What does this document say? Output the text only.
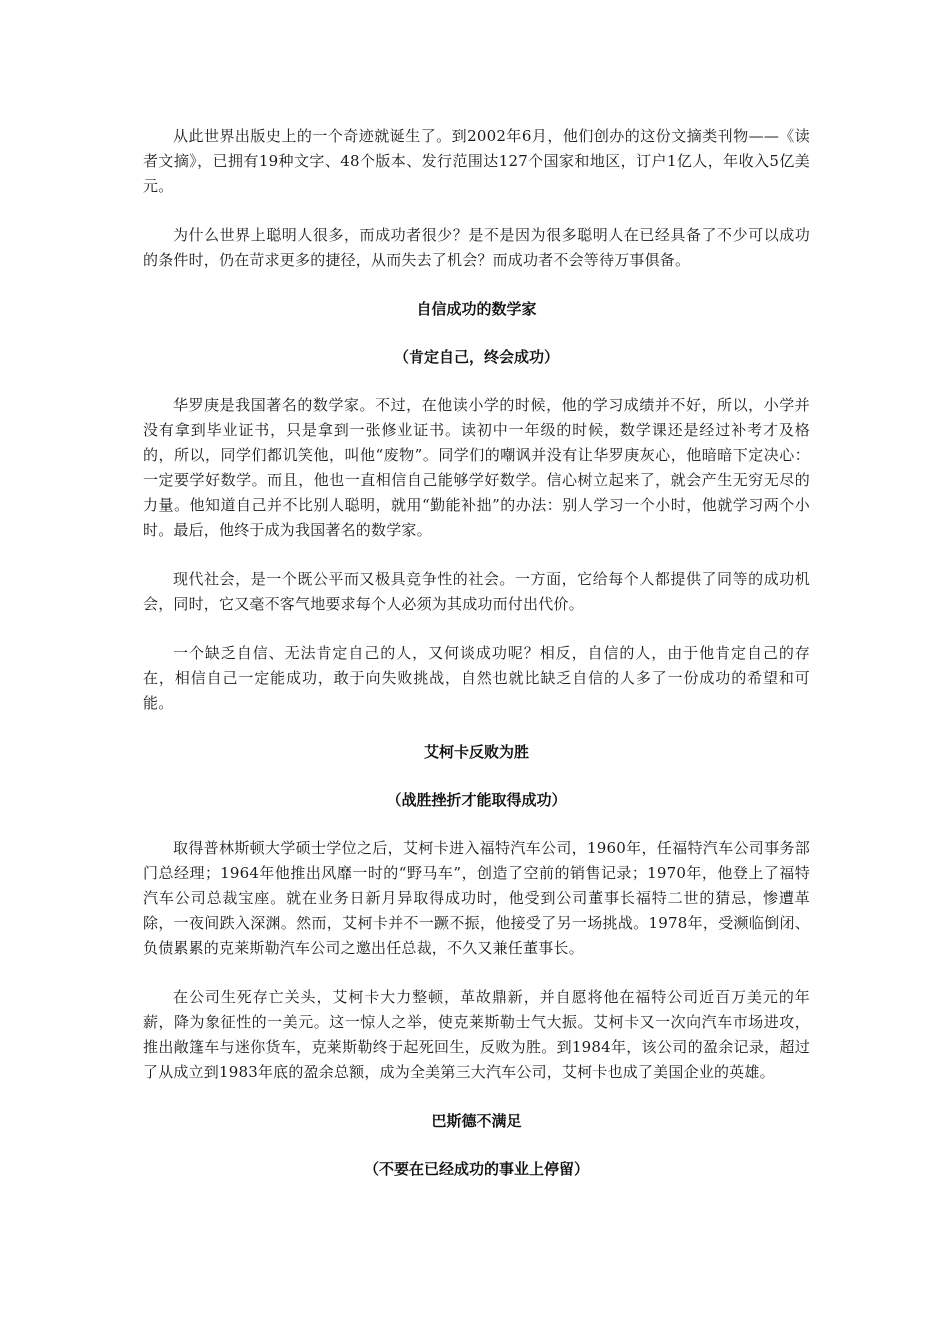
从此世界出版史上的一个奇迹就诞生了。到2002年6月，他们创办的这份文摘类刊物——《读者文摘》，已拥有19种文字、48个版本、发行范围达127个国家和地区，订户1亿人，年收入5亿美元。

为什么世界上聪明人很多，而成功者很少？是不是因为很多聪明人在已经具备了不少可以成功的条件时，仍在苛求更多的捷径，从而失去了机会？而成功者不会等待万事俱备。

自信成功的数学家
（肯定自己，终会成功）

华罗庚是我国著名的数学家。不过，在他读小学的时候，他的学习成绩并不好，所以，小学并没有拿到毕业证书，只是拿到一张修业证书。读初中一年级的时候，数学课还是经过补考才及格的，所以，同学们都讥笑他，叫他“废物”。同学们的嘲讽并没有让华罗庚灰心，他暗暗下定决心：一定要学好数学。而且，他也一直相信自己能够学好数学。信心树立起来了，就会产生无穷无尽的力量。他知道自己并不比别人聪明，就用“勤能补拙”的办法：别人学习一个小时，他就学习两个小时。最后，他终于成为我国著名的数学家。

现代社会，是一个既公平而又极具竞争性的社会。一方面，它给每个人都提供了同等的成功机会，同时，它又毫不客气地要求每个人必须为其成功而付出代价。

一个缺乏自信、无法肯定自己的人，又何谈成功呢？相反，自信的人，由于他肯定自己的存在，相信自己一定能成功，敢于向失败挑战，自然也就比缺乏自信的人多了一份成功的希望和可能。

艾柯卡反败为胜
（战胜挫折才能取得成功）

取得普林斯顿大学硕士学位之后，艾柯卡进入福特汽车公司，1960年，任福特汽车公司事务部门总经理；1964年他推出风靡一时的“野马车”，创造了空前的销售记录；1970年，他登上了福特汽车公司总裁宝座。就在业务日新月异取得成功时，他受到公司董事长福特二世的猜忌，惨遭革除，一夜间跌入深渊。然而，艾柯卡并不一蹶不振，他接受了另一场挑战。1978年，受濒临倒闭、负债累累的克莱斯勒汽车公司之邀出任总裁，不久又兼任董事长。

在公司生死存亡关头，艾柯卡大力整顿，革故鼎新，并自愿将他在福特公司近百万美元的年薪，降为象征性的一美元。这一惊人之举，使克莱斯勒士气大振。艾柯卡又一次向汽车市场进攻，推出敞篷车与迷你货车，克莱斯勒终于起死回生，反败为胜。到1984年，该公司的盈余记录，超过了从成立到1983年底的盈余总额，成为全美第三大汽车公司，艾柯卡也成了美国企业的英雄。

巴斯德不满足
（不要在已经成功的事业上停留）
